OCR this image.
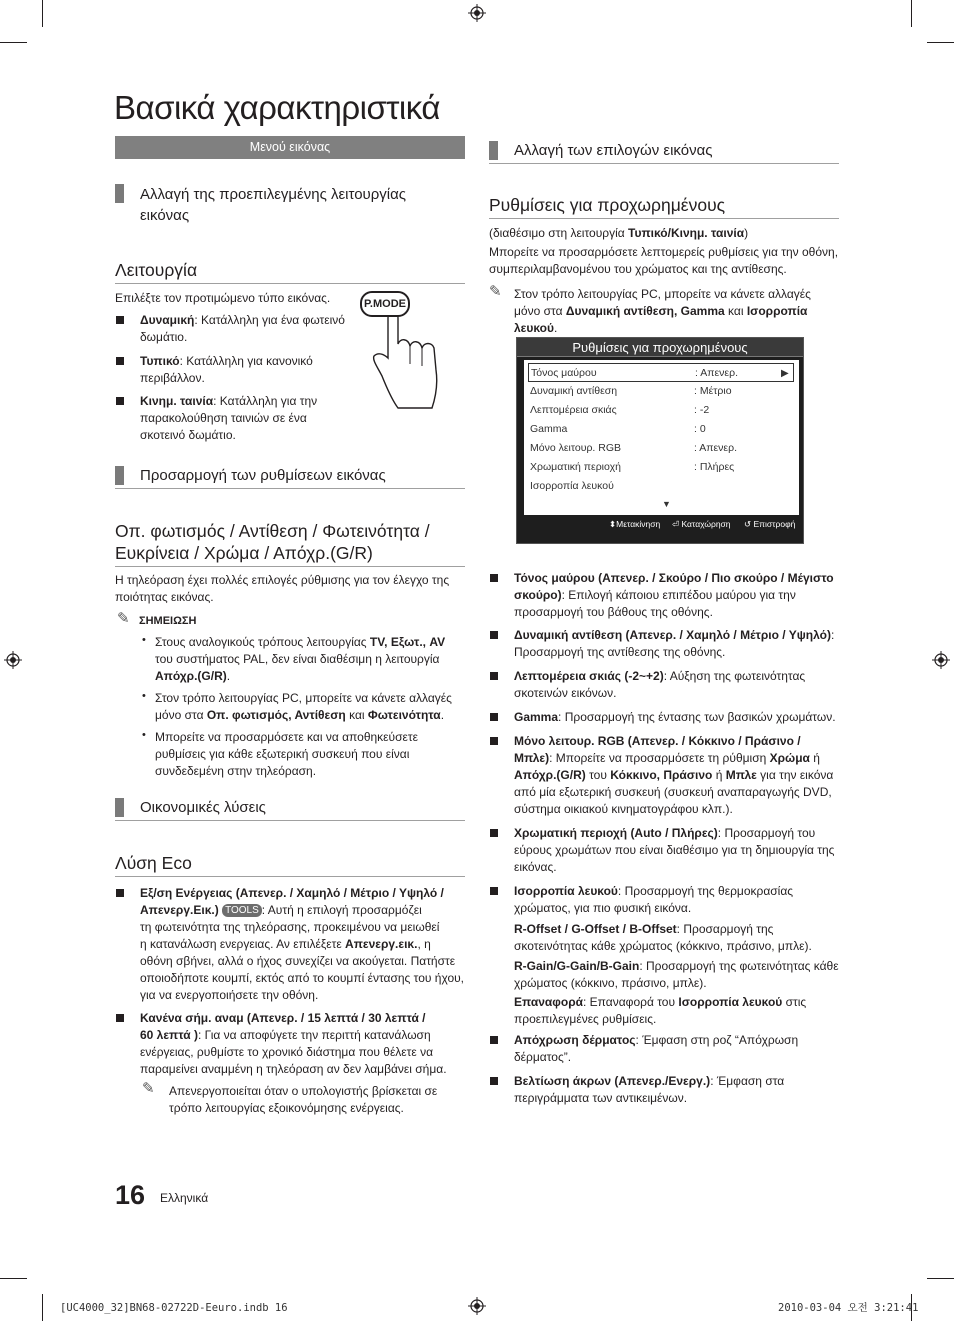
Βασικά χαρακτηριστικά
Μενού εικόνας
Αλλαγή της προεπιλεγμένης λειτουργίας
εικόνας
Λειτουργία
Επιλέξτε τον προτιμώμενο τύπο εικόνας.
Δυναμική: Κατάλληλη για ένα φωτεινό
δωμάτιο.
Τυπικό: Κατάλληλη για κανονικό
περιβάλλον.
Κινημ. ταινία: Κατάλληλη για την
παρακολούθηση ταινιών σε ένα
σκοτεινό δωμάτιο.
P.MODE
Προσαρμογή των ρυθμίσεων εικόνας
Οπ. φωτισμός / Αντίθεση / Φωτεινότητα /
Ευκρίνεια / Χρώμα / Απόχρ.(G/R)
Η τηλεόραση έχει πολλές επιλογές ρύθμισης για τον έλεγχο της
ποιότητας εικόνας.
✎ ΣΗΜΕΙΩΣΗ
• Στους αναλογικούς τρόπους λειτουργίας TV, Εξωτ., AV
του συστήματος PAL, δεν είναι διαθέσιμη η λειτουργία
Απόχρ.(G/R).
• Στον τρόπο λειτουργίας PC, μπορείτε να κάνετε αλλαγές
μόνο στα Οπ. φωτισμός, Αντίθεση και Φωτεινότητα.
• Μπορείτε να προσαρμόσετε και να αποθηκεύσετε
ρυθμίσεις για κάθε εξωτερική συσκευή που είναι
συνδεδεμένη στην τηλεόραση.
Οικονομικές λύσεις
Λύση Eco
Εξ/ση Ενέργειας (Απενερ. / Χαμηλό / Μέτριο / Υψηλό /
Απενεργ.Εικ.) TOOLS : Αυτή η επιλογή προσαρμόζει
τη φωτεινότητα της τηλεόρασης, προκειμένου να μειωθεί
η κατανάλωση ενεργειας. Αν επιλέξετε Απενεργ.εικ., η
οθόνη σβήνει, αλλά ο ήχος συνεχίζει να ακούγεται. Πατήστε
οποιοδήποτε κουμπί, εκτός από το κουμπί έντασης του ήχου,
για να ενεργοποιήσετε την οθόνη.
Κανένα σήμ. αναμ (Απενερ. / 15 λεπτά / 30 λεπτά /
60 λεπτά ): Για να αποφύγετε την περιττή κατανάλωση
ενέργειας, ρυθμίστε το χρονικό διάστημα που θέλετε να
παραμείνει αναμμένη η τηλεόραση αν δεν λαμβάνει σήμα.
✎ Απενεργοποιείται όταν ο υπολογιστής βρίσκεται σε
τρόπο λειτουργίας εξοικονόμησης ενέργειας.
16 Ελληνικά
[UC4000_32]BN68-02722D-Eeuro.indb 16	2010-03-04 오전 3:21:41
Αλλαγή των επιλογών εικόνας
Ρυθμίσεις για προχωρημένους
(διαθέσιμο στη λειτουργία Τυπικό/Κινημ. ταινία)
Μπορείτε να προσαρμόσετε λεπτομερείς ρυθμίσεις για την οθόνη,
συμπεριλαμβανομένου του χρώματος και της αντίθεσης.
✎ Στον τρόπο λειτουργίας PC, μπορείτε να κάνετε αλλαγές
μόνο στα Δυναμική αντίθεση, Gamma και Ισορροπία
λευκού.
Ρυθμίσεις για προχωρημένους
Τόνος μαύρου	: Απενερ.	▶
Δυναμική αντίθεση	: Μέτριο
Λεπτομέρεια σκιάς	: -2
Gamma	: 0
Μόνο λειτουρ. RGB	: Απενερ.
Χρωματική περιοχή	: Πλήρες
Ισορροπία λευκού
▼
⬍Μετακίνηση ⏎ Καταχώρηση ↺ Επιστροφή
Τόνος μαύρου (Απενερ. / Σκούρο / Πιο σκούρο / Μέγιστο
σκούρο): Επιλογή κάποιου επιπέδου μαύρου για την
προσαρμογή του βάθους της οθόνης.
Δυναμική αντίθεση (Απενερ. / Χαμηλό / Μέτριο / Υψηλό):
Προσαρμογή της αντίθεσης της οθόνης.
Λεπτομέρεια σκιάς (-2~+2): Αύξηση της φωτεινότητας
σκοτεινών εικόνων.
Gamma: Προσαρμογή της έντασης των βασικών χρωμάτων.
Μόνο λειτουρ. RGB (Απενερ. / Κόκκινο / Πράσινο /
Μπλε): Μπορείτε να προσαρμόσετε τη ρύθμιση Χρώμα ή
Απόχρ.(G/R) του Κόκκινο, Πράσινο ή Μπλε για την εικόνα
από μία εξωτερική συσκευή (συσκευή αναπαραγωγής DVD,
σύστημα οικιακού κινηματογράφου κλπ.).
Χρωματική περιοχή (Auto / Πλήρες): Προσαρμογή του
εύρους χρωμάτων που είναι διαθέσιμο για τη δημιουργία της
εικόνας.
Ισορροπία λευκού: Προσαρμογή της θερμοκρασίας
χρώματος, για πιο φυσική εικόνα.
R-Offset / G-Offset / B-Offset: Προσαρμογή της
σκοτεινότητας κάθε χρώματος (κόκκινο, πράσινο, μπλε).
R-Gain/G-Gain/B-Gain: Προσαρμογή της φωτεινότητας κάθε
χρώματος (κόκκινο, πράσινο, μπλε).
Επαναφορά: Επαναφορά του Ισορροπία λευκού στις
προεπιλεγμένες ρυθμίσεις.
Απόχρωση δέρματος: Έμφαση στη ροζ “Απόχρωση
δέρματος”.
Βελτίωση άκρων (Απενερ./Ενεργ.): Έμφαση στα
περιγράμματα των αντικειμένων.
